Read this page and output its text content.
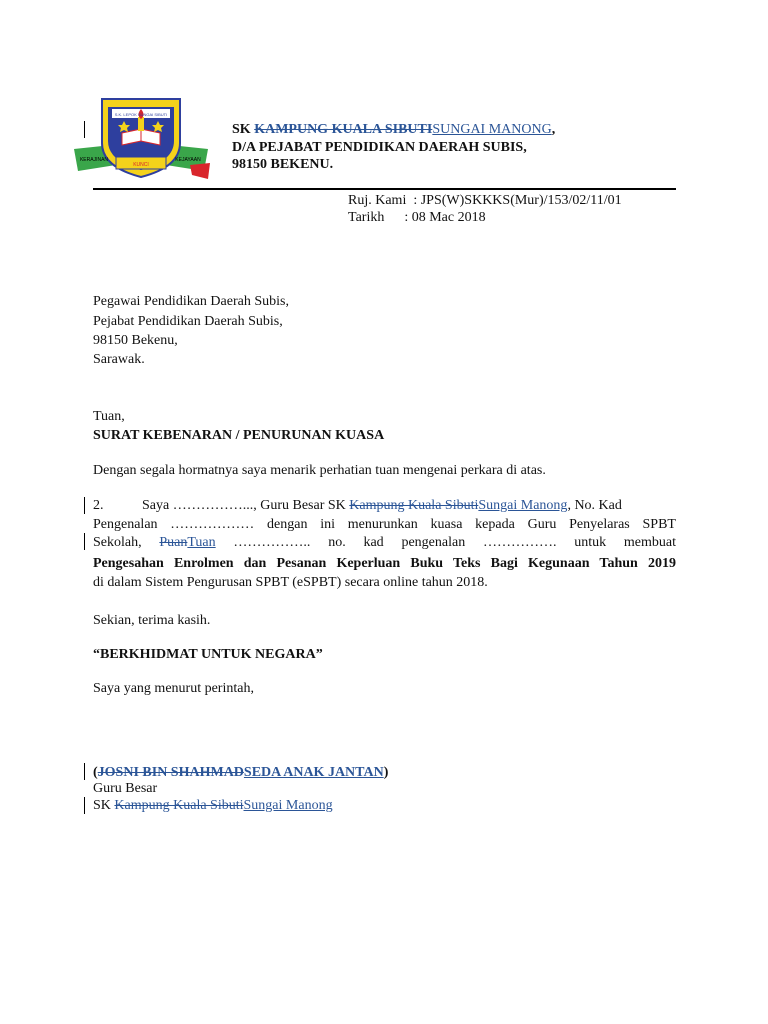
KERAJINAN
KUNCI
KEJAYAAN
S.K. LEPOK SUNGAI SIBUTI
SK KAMPUNG KUALA SIBUTISUNGAI MANONG,
D/A PEJABAT PENDIDIKAN DAERAH SUBIS,
98150 BEKENU.
Ruj. Kami : JPS(W)SKKKS(Mur)/153/02/11/01
Tarikh : 08 Mac 2018
Pegawai Pendidikan Daerah Subis,
Pejabat Pendidikan Daerah Subis,
98150 Bekenu,
Sarawak.
Tuan,
SURAT KEBENARAN / PENURUNAN KUASA
Dengan segala hormatnya saya menarik perhatian tuan mengenai perkara di atas.
2.	Saya ……………..., Guru Besar SK Kampung Kuala SibutiSungai Manong, No. Kad
Pengenalan ……………… dengan ini menurunkan kuasa kepada Guru Penyelaras SPBT
Sekolah, PuanTuan …………….. no. kad pengenalan ……………. untuk membuat
Pengesahan Enrolmen dan Pesanan Keperluan Buku Teks Bagi Kegunaan Tahun 2019
di dalam Sistem Pengurusan SPBT (eSPBT) secara online tahun 2018.
Sekian, terima kasih.
“BERKHIDMAT UNTUK NEGARA”
Saya yang menurut perintah,
(JOSNI BIN SHAHMADSEDA ANAK JANTAN)
Guru Besar
SK Kampung Kuala SibutiSungai Manong
